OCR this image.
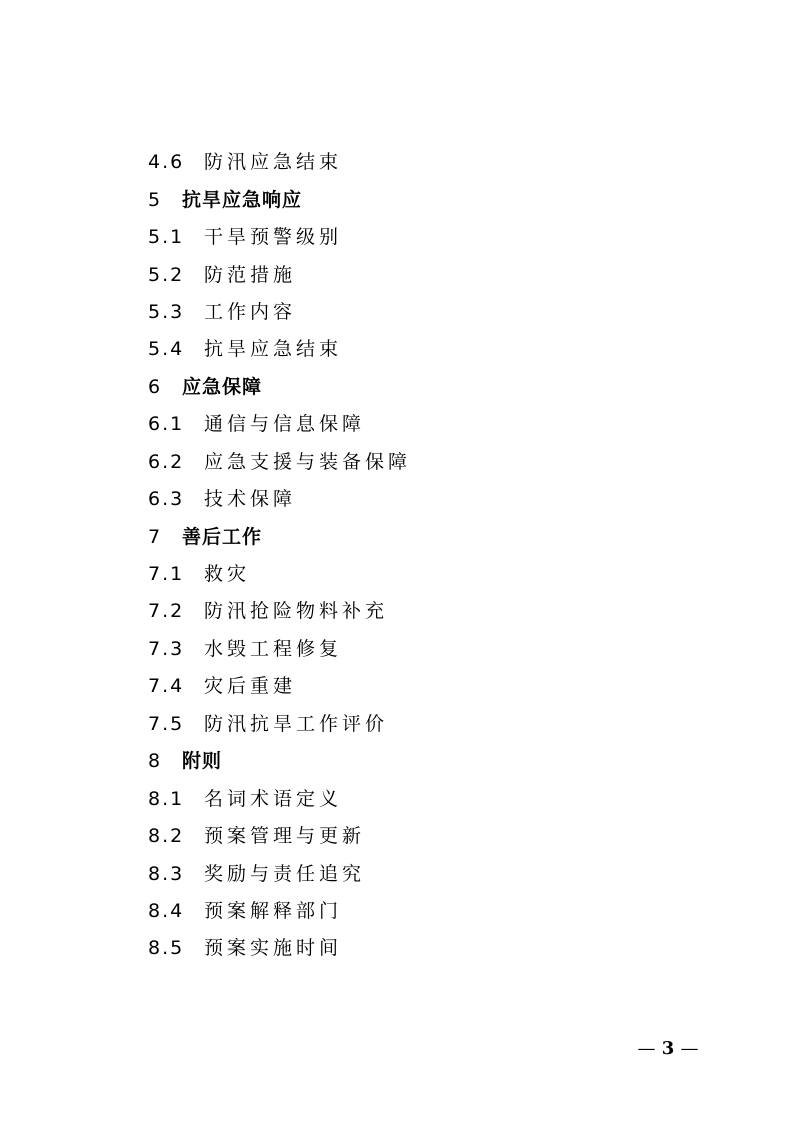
4.6	防汛应急结束
5	抗旱应急响应
5.1	干旱预警级别
5.2	防范措施
5.3	工作内容
5.4	抗旱应急结束
6	应急保障
6.1	通信与信息保障
6.2	应急支援与装备保障
6.3	技术保障
7	善后工作
7.1	救灾
7.2	防汛抢险物料补充
7.3	水毁工程修复
7.4	灾后重建
7.5	防汛抗旱工作评价
8	附则
8.1	名词术语定义
8.2	预案管理与更新
8.3	奖励与责任追究
8.4	预案解释部门
8.5	预案实施时间
— 3 —
